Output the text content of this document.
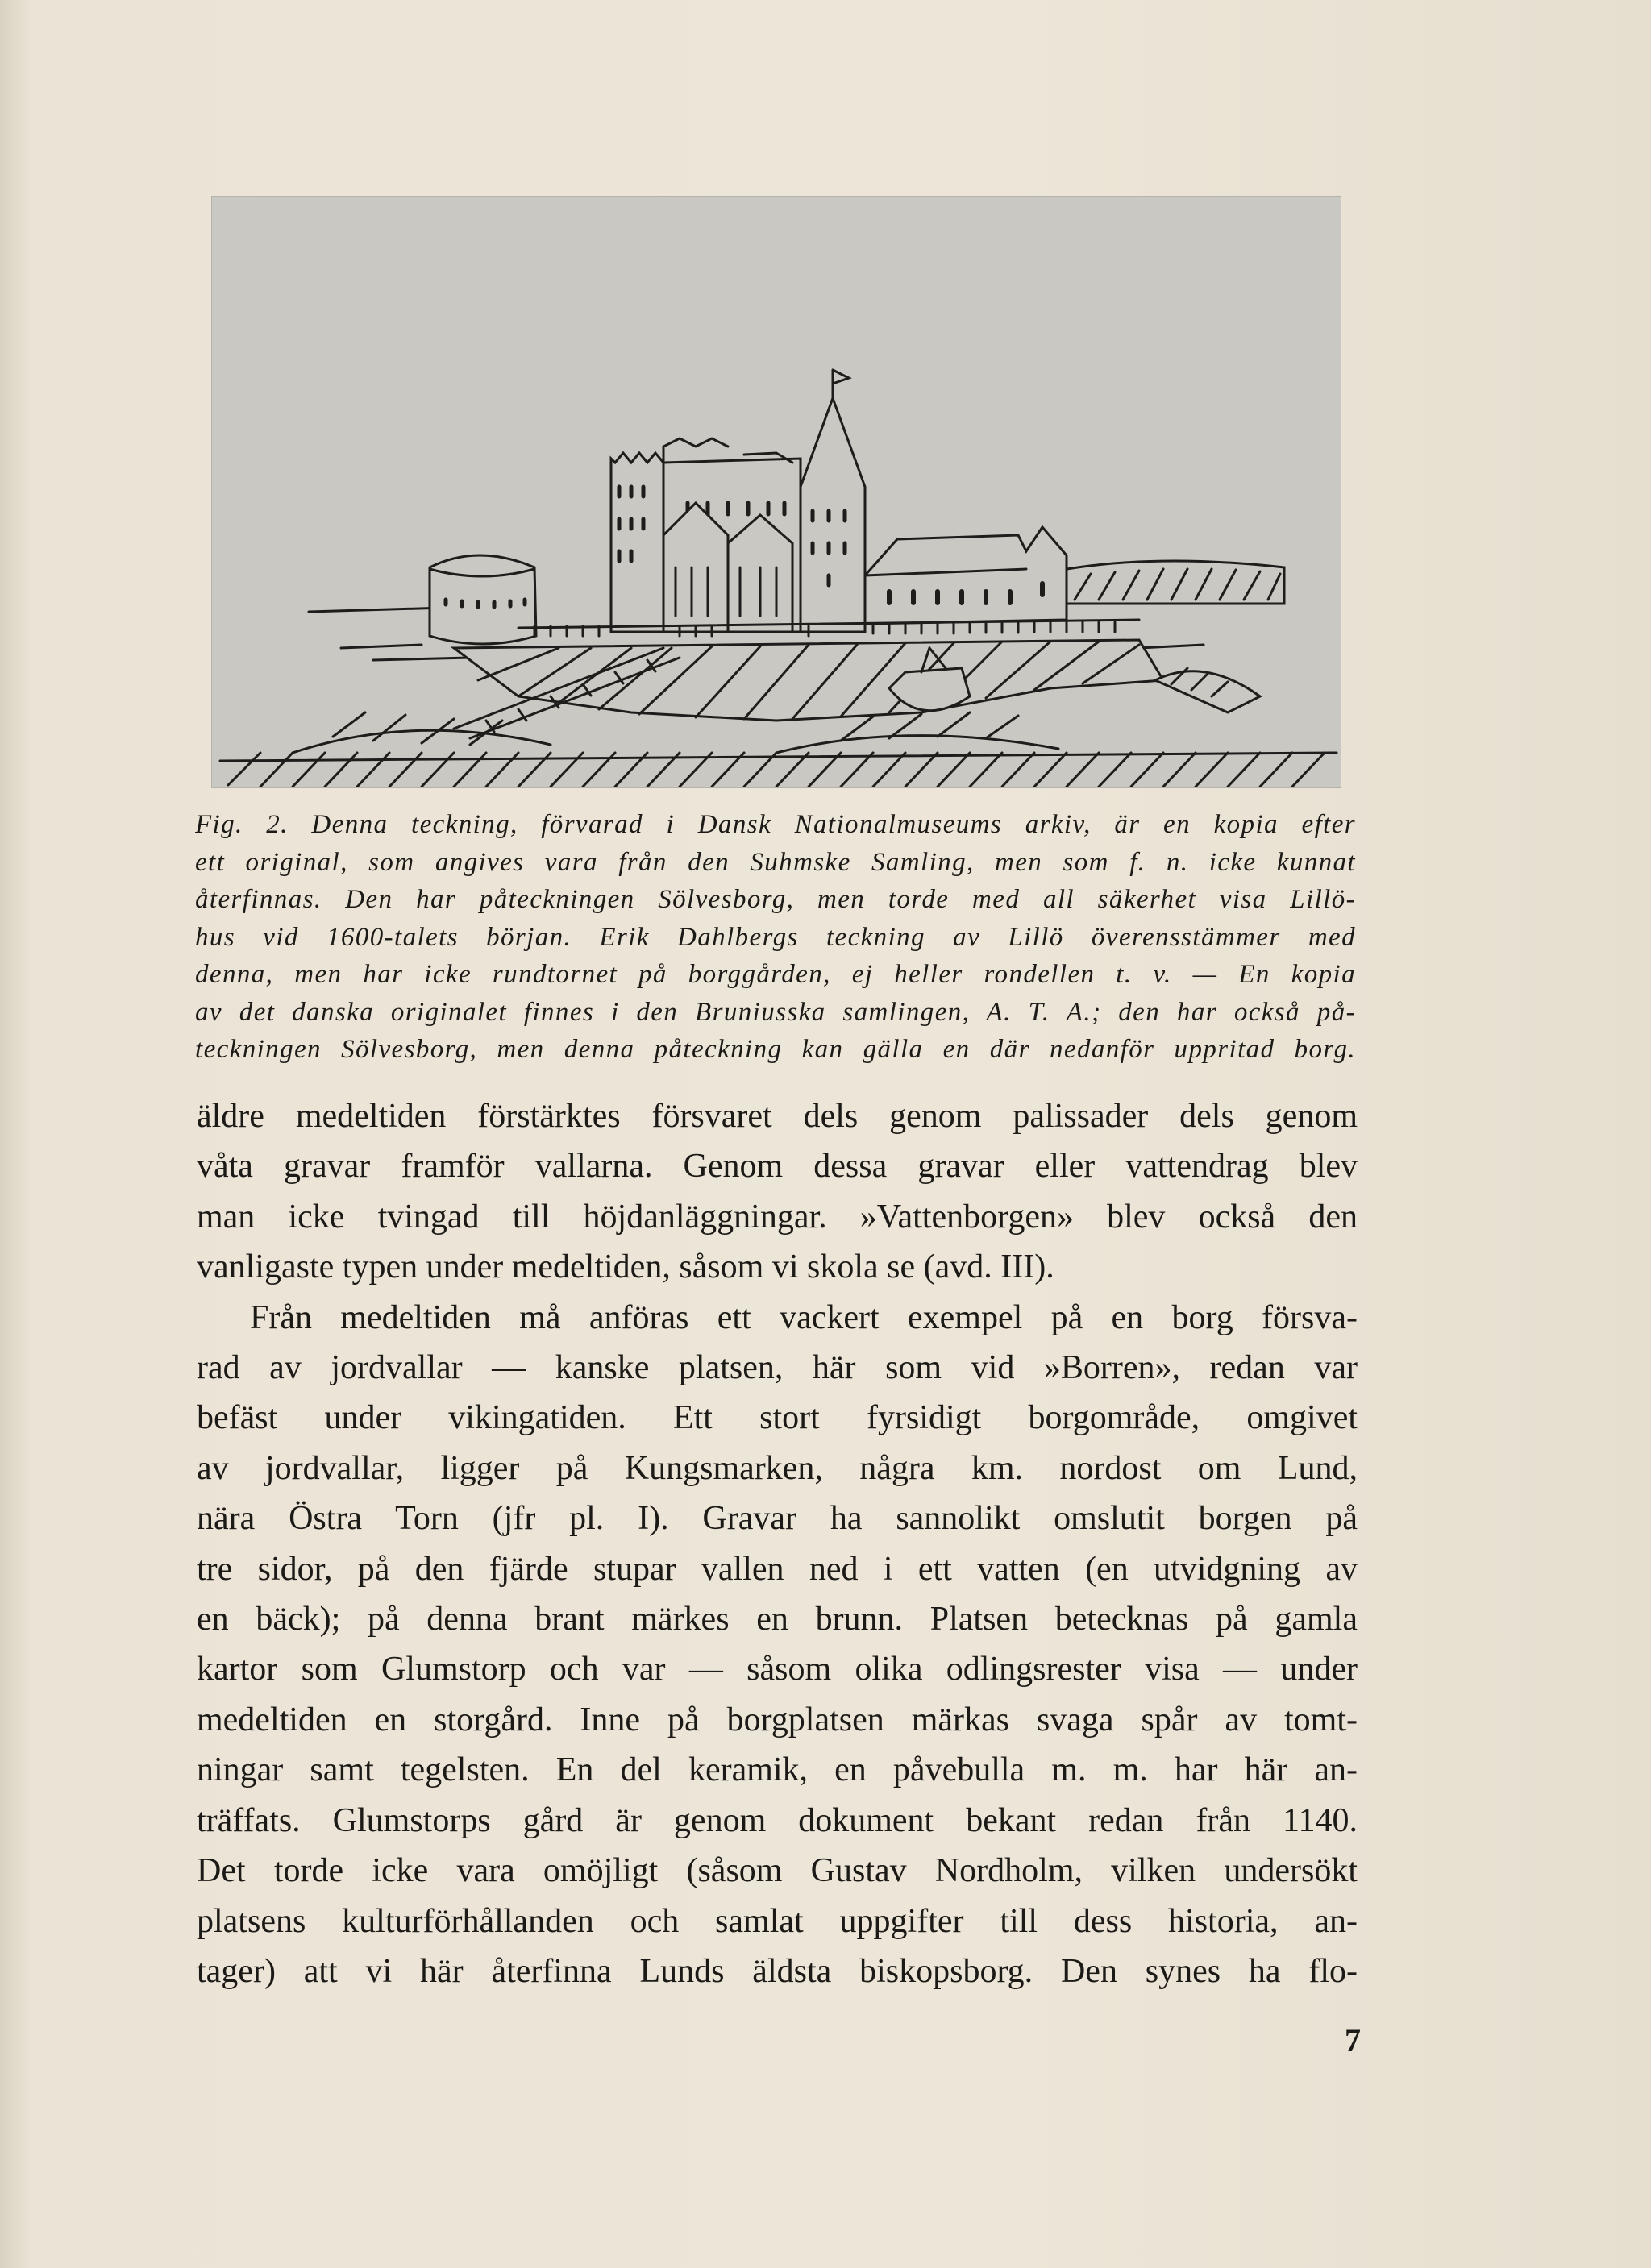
Fig. 2. Denna teckning, förvarad i Dansk Nationalmuseums arkiv, är en kopia efter
ett original, som angives vara från den Suhmske Samling, men som f. n. icke kunnat
återfinnas. Den har påteckningen Sölvesborg, men torde med all säkerhet visa Lillö-
hus vid 1600-talets början. Erik Dahlbergs teckning av Lillö överensstämmer med
denna, men har icke rundtornet på borggården, ej heller rondellen t. v. — En kopia
av det danska originalet finnes i den Bruniusska samlingen, A. T. A.; den har också på-
teckningen Sölvesborg, men denna påteckning kan gälla en där nedanför uppritad borg.
äldre medeltiden förstärktes försvaret dels genom palissader dels genom
våta gravar framför vallarna. Genom dessa gravar eller vattendrag blev
man icke tvingad till höjdanläggningar. »Vattenborgen» blev också den
vanligaste typen under medeltiden, såsom vi skola se (avd. III).
Från medeltiden må anföras ett vackert exempel på en borg försva-
rad av jordvallar — kanske platsen, här som vid »Borren», redan var
befäst under vikingatiden. Ett stort fyrsidigt borgområde, omgivet
av jordvallar, ligger på Kungsmarken, några km. nordost om Lund,
nära Östra Torn (jfr pl. I). Gravar ha sannolikt omslutit borgen på
tre sidor, på den fjärde stupar vallen ned i ett vatten (en utvidgning av
en bäck); på denna brant märkes en brunn. Platsen betecknas på gamla
kartor som Glumstorp och var — såsom olika odlingsrester visa — under
medeltiden en storgård. Inne på borgplatsen märkas svaga spår av tomt-
ningar samt tegelsten. En del keramik, en påvebulla m. m. har här an-
träffats. Glumstorps gård är genom dokument bekant redan från 1140.
Det torde icke vara omöjligt (såsom Gustav Nordholm, vilken undersökt
platsens kulturförhållanden och samlat uppgifter till dess historia, an-
tager) att vi här återfinna Lunds äldsta biskopsborg. Den synes ha flo-
7
